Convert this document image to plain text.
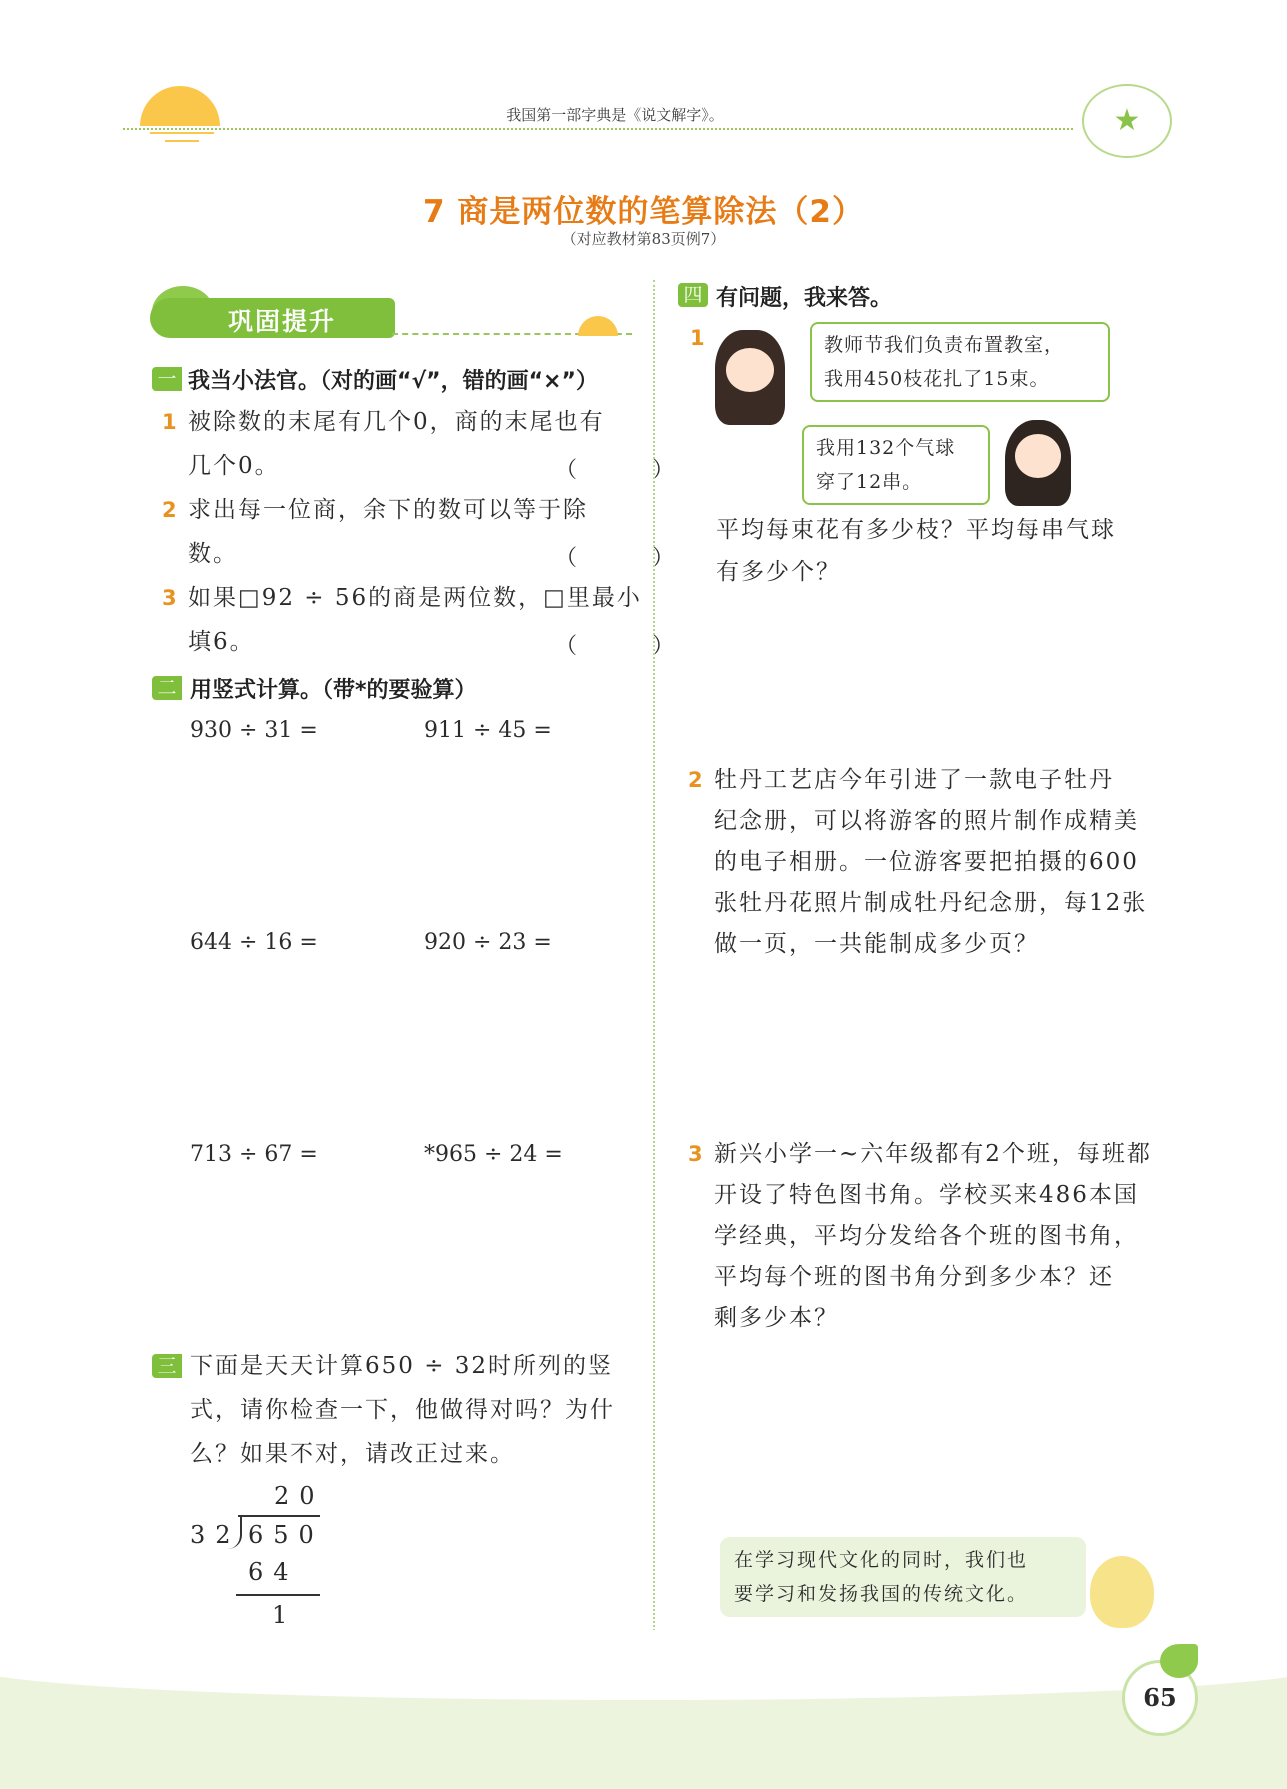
我国第一部字典是《说文解字》。	★
7 商是两位数的笔算除法（2）
（对应教材第83页例7）
巩固提升
一 我当小法官。（对的画“√”，错的画“×”）
1 被除数的末尾有几个0，商的末尾也有
几个0。	（ ）
2 求出每一位商，余下的数可以等于除
数。	（ ）
3 如果□92 ÷ 56的商是两位数，□里最小
填6。	（ ）
二 用竖式计算。（带*的要验算）
930 ÷ 31 =	911 ÷ 45 =
644 ÷ 16 =	920 ÷ 23 =
713 ÷ 67 =	*965 ÷ 24 =
三 下面是天天计算650 ÷ 32时所列的竖
式，请你检查一下，他做得对吗？为什
么？如果不对，请改正过来。
20
32 650
64
1
四 有问题，我来答。
1	教师节我们负责布置教室，
我用450枝花扎了15束。
我用132个气球
穿了12串。
平均每束花有多少枝？平均每串气球
有多少个？
2 牡丹工艺店今年引进了一款电子牡丹
纪念册，可以将游客的照片制作成精美
的电子相册。一位游客要把拍摄的600
张牡丹花照片制成牡丹纪念册，每12张
做一页，一共能制成多少页？
3 新兴小学一~六年级都有2个班，每班都
开设了特色图书角。学校买来486本国
学经典，平均分发给各个班的图书角，
平均每个班的图书角分到多少本？还
剩多少本？
在学习现代文化的同时，我们也
要学习和发扬我国的传统文化。
65
